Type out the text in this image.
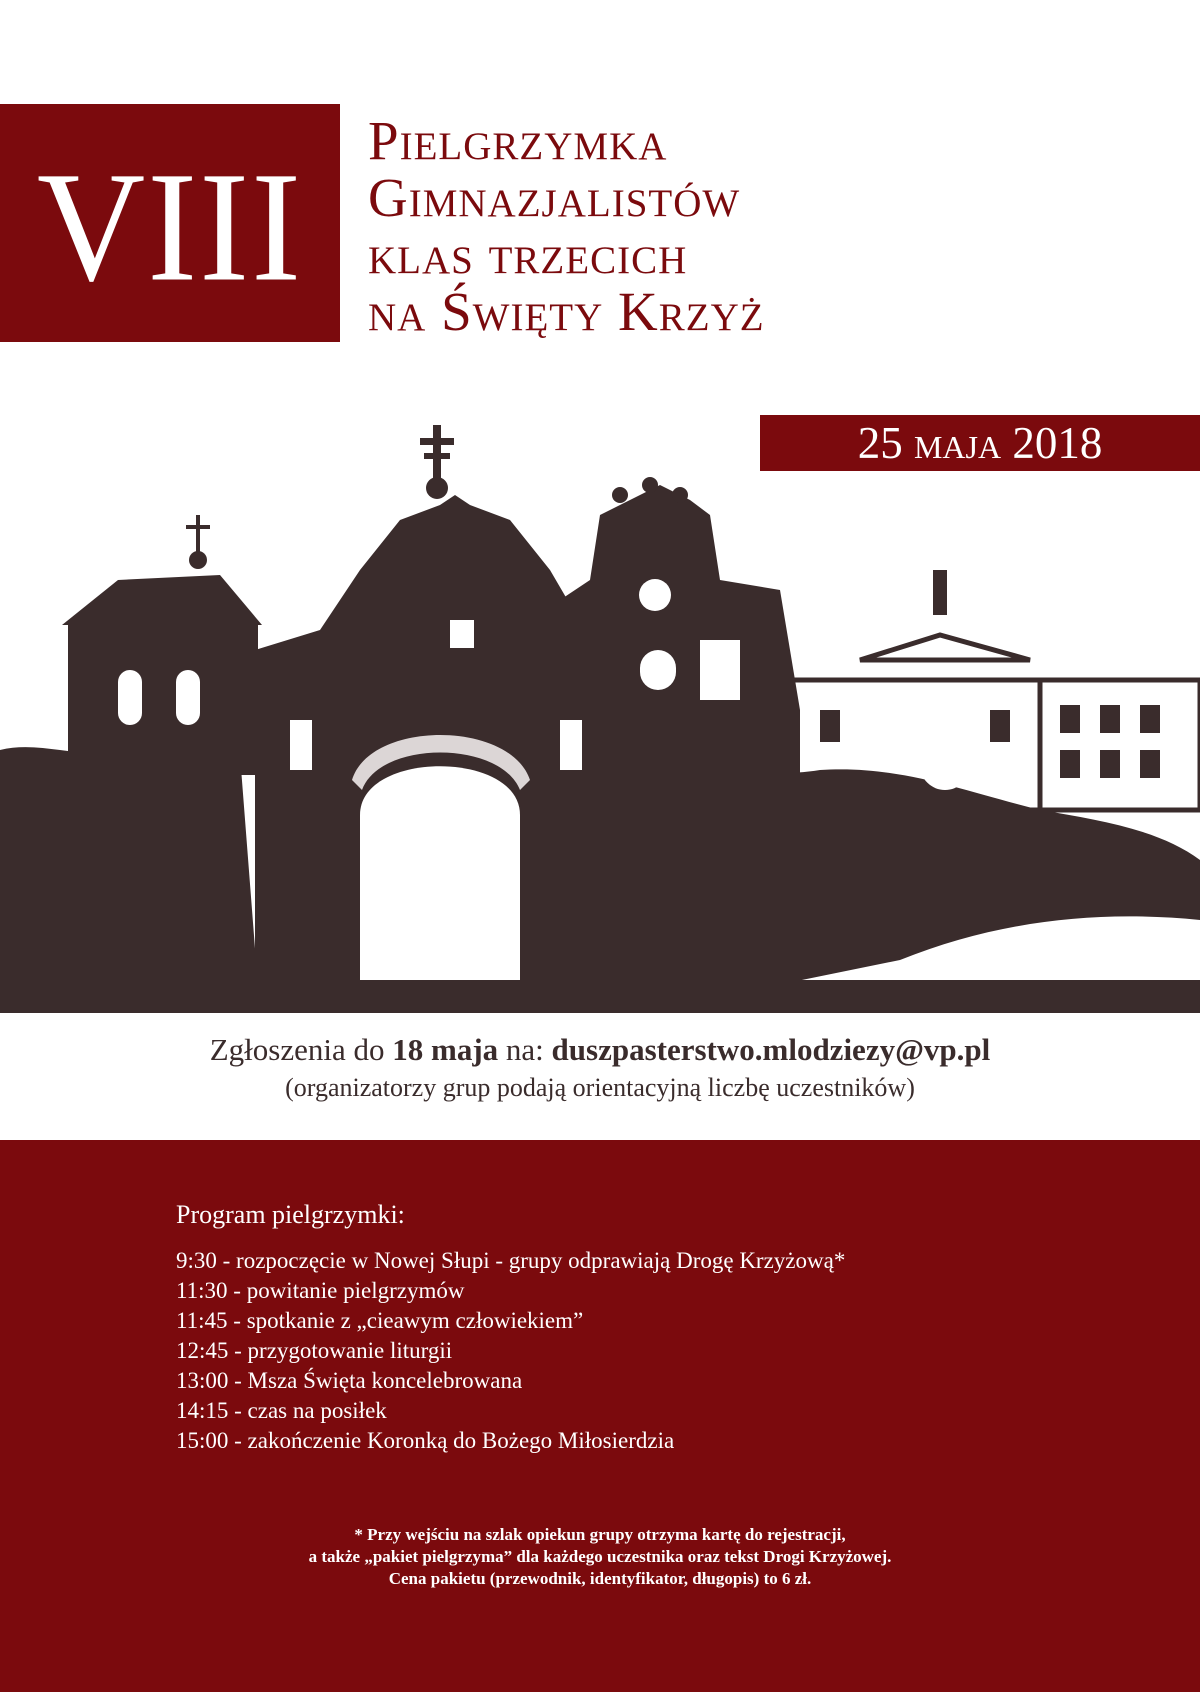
VIII Pielgrzymka
Gimnazjalistów
klas trzecich
na Święty Krzyż
25 maja 2018
Zgłoszenia do 18 maja na: duszpasterstwo.mlodziezy@vp.pl
(organizatorzy grup podają orientacyjną liczbę uczestników)
Program pielgrzymki:
9:30 - rozpoczęcie w Nowej Słupi - grupy odprawiają Drogę Krzyżową*
11:30 - powitanie pielgrzymów
11:45 - spotkanie z „cieawym człowiekiem”
12:45 - przygotowanie liturgii
13:00 - Msza Święta koncelebrowana
14:15 - czas na posiłek
15:00 - zakończenie Koronką do Bożego Miłosierdzia
* Przy wejściu na szlak opiekun grupy otrzyma kartę do rejestracji,
a także „pakiet pielgrzyma” dla każdego uczestnika oraz tekst Drogi Krzyżowej.
Cena pakietu (przewodnik, identyfikator, długopis) to 6 zł.
